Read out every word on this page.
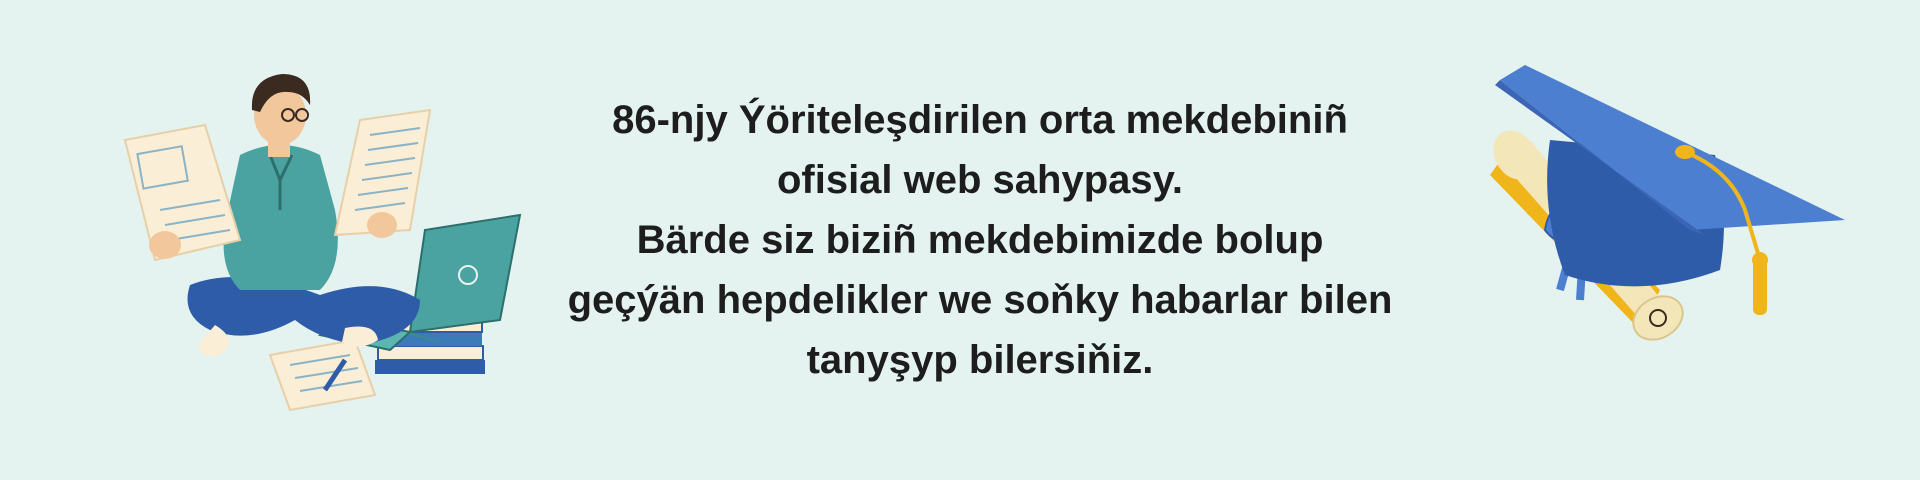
86-njy Ýöriteleşdirilen orta mekdebiniñ
ofisial web sahypasy.
Bärde siz biziñ mekdebimizde bolup
geçýän hepdelikler we soňky habarlar bilen
tanyşyp bilersiňiz.
